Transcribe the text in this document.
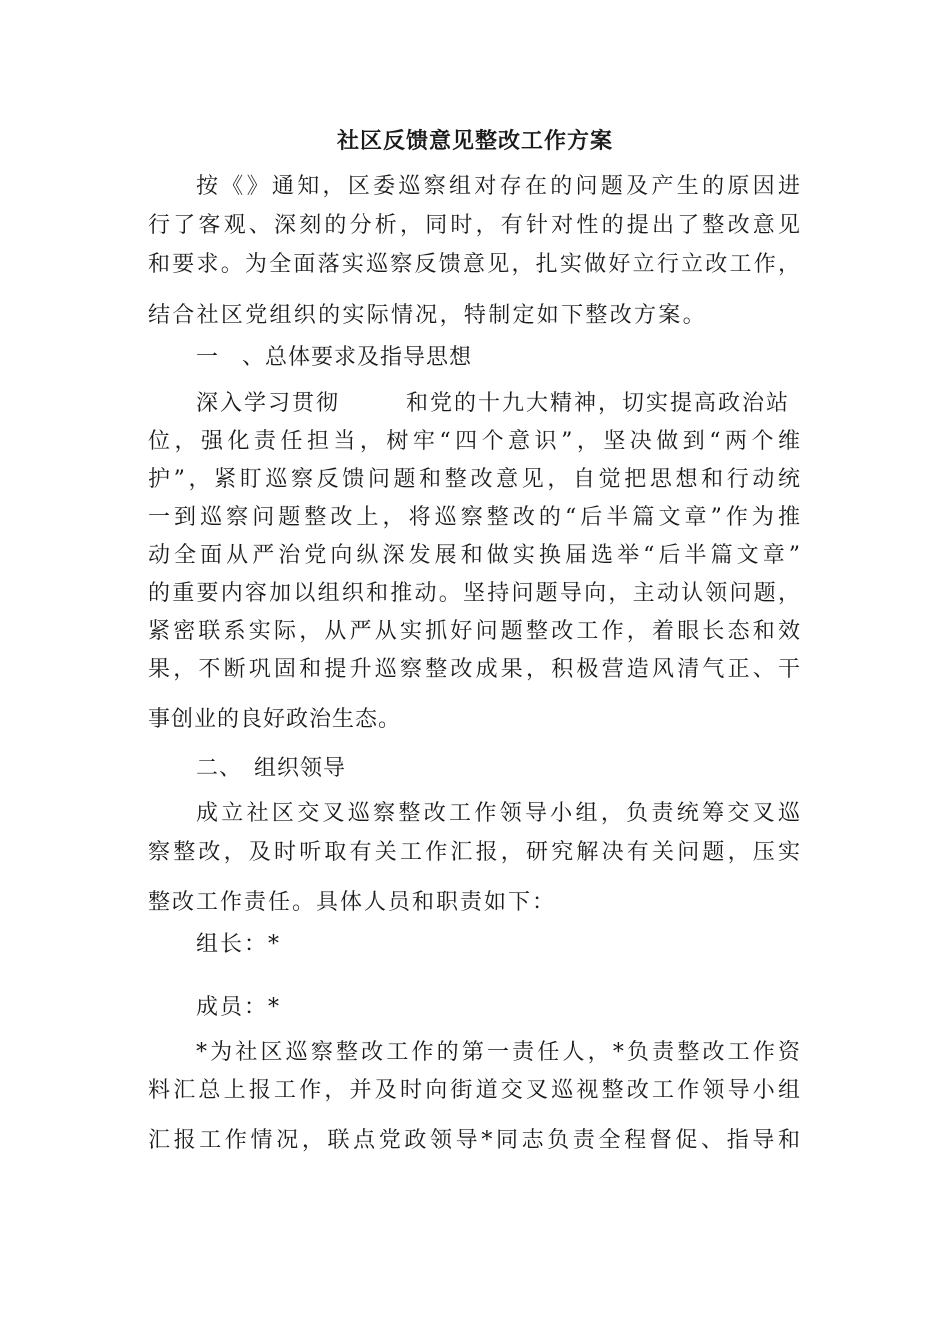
社区反馈意见整改工作方案
按《》通知，区委巡察组对存在的问题及产生的原因进
行了客观、深刻的分析，同时，有针对性的提出了整改意见
和要求。为全面落实巡察反馈意见，扎实做好立行立改工作，
结合社区党组织的实际情况，特制定如下整改方案。
一　、总体要求及指导思想
深入学习贯彻	和党的十九大精神，切实提高政治站
位，强化责任担当，树牢“四个意识”，坚决做到“两个维
护”，紧盯巡察反馈问题和整改意见，自觉把思想和行动统
一到巡察问题整改上，将巡察整改的“后半篇文章”作为推
动全面从严治党向纵深发展和做实换届选举“后半篇文章”
的重要内容加以组织和推动。坚持问题导向，主动认领问题，
紧密联系实际，从严从实抓好问题整改工作，着眼长态和效
果，不断巩固和提升巡察整改成果，积极营造风清气正、干
事创业的良好政治生态。
二、　组织领导
成立社区交叉巡察整改工作领导小组，负责统筹交叉巡
察整改，及时听取有关工作汇报，研究解决有关问题，压实
整改工作责任。具体人员和职责如下：
组长：*
成员：*
*为社区巡察整改工作的第一责任人，*负责整改工作资
料汇总上报工作，并及时向街道交叉巡视整改工作领导小组
汇报工作情况，联点党政领导*同志负责全程督促、指导和
